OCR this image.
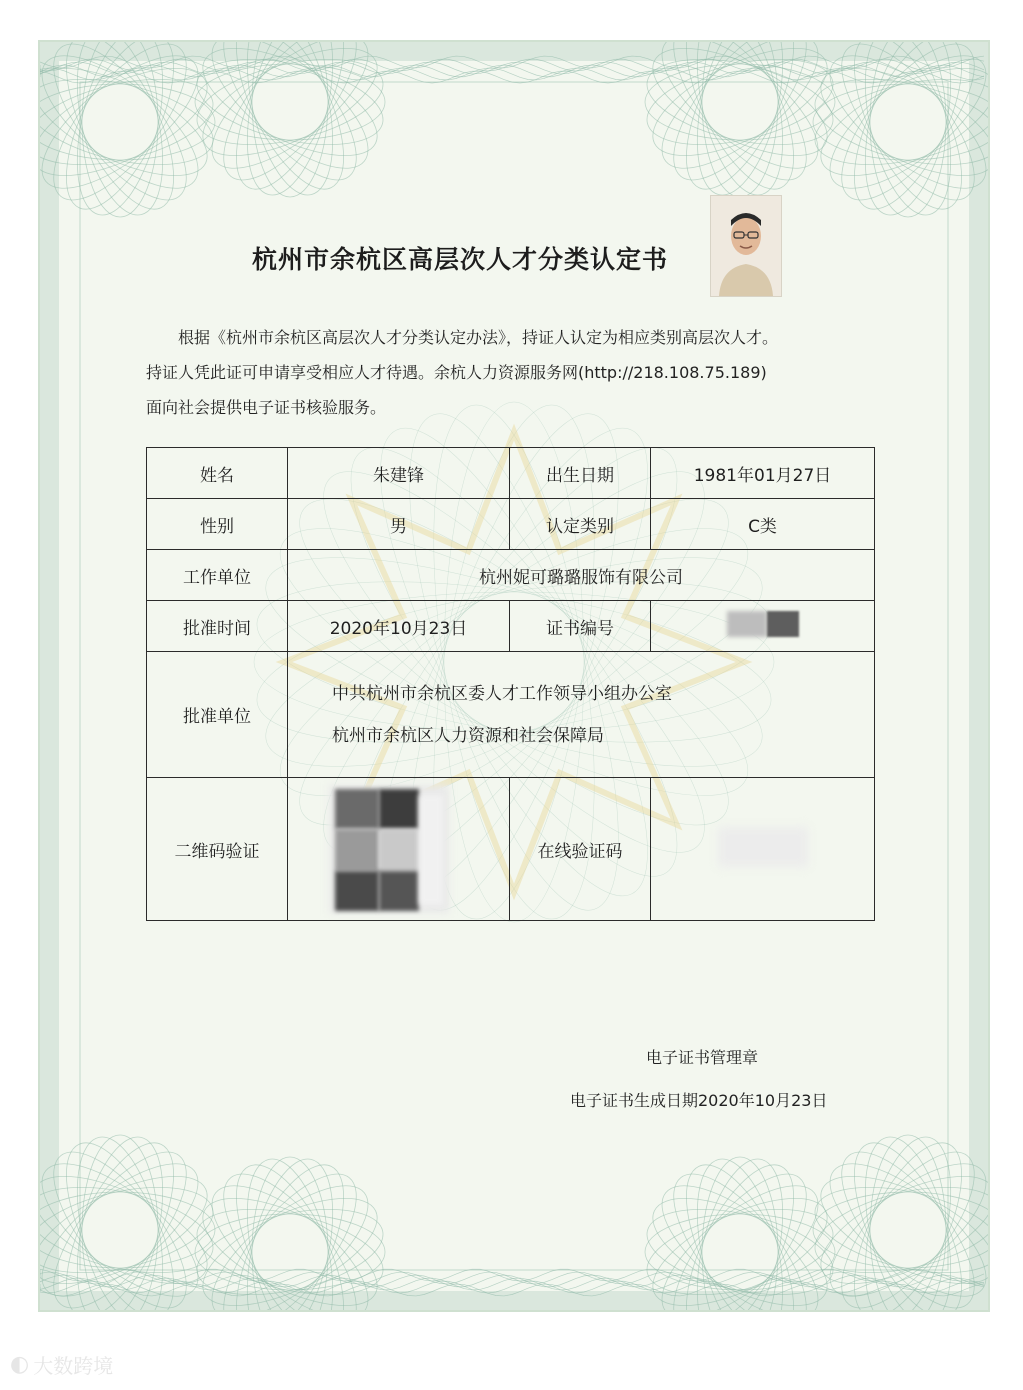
杭州市余杭区高层次人才分类认定书
根据《杭州市余杭区高层次人才分类认定办法》，持证人认定为相应类别高层次人才。
持证人凭此证可申请享受相应人才待遇。余杭人力资源服务网(http://218.108.75.189)
面向社会提供电子证书核验服务。
姓名	朱建锋	出生日期	1981年01月27日
性别	男	认定类别	C类
工作单位	杭州妮可璐璐服饰有限公司		
批准时间	2020年10月23日	证书编号	
批准单位	中共杭州市余杭区委人才工作领导小组办公室
杭州市余杭区人力资源和社会保障局		

二维码验证		在线验证码	
电子证书管理章
电子证书生成日期2020年10月23日
◐ 大数跨境
